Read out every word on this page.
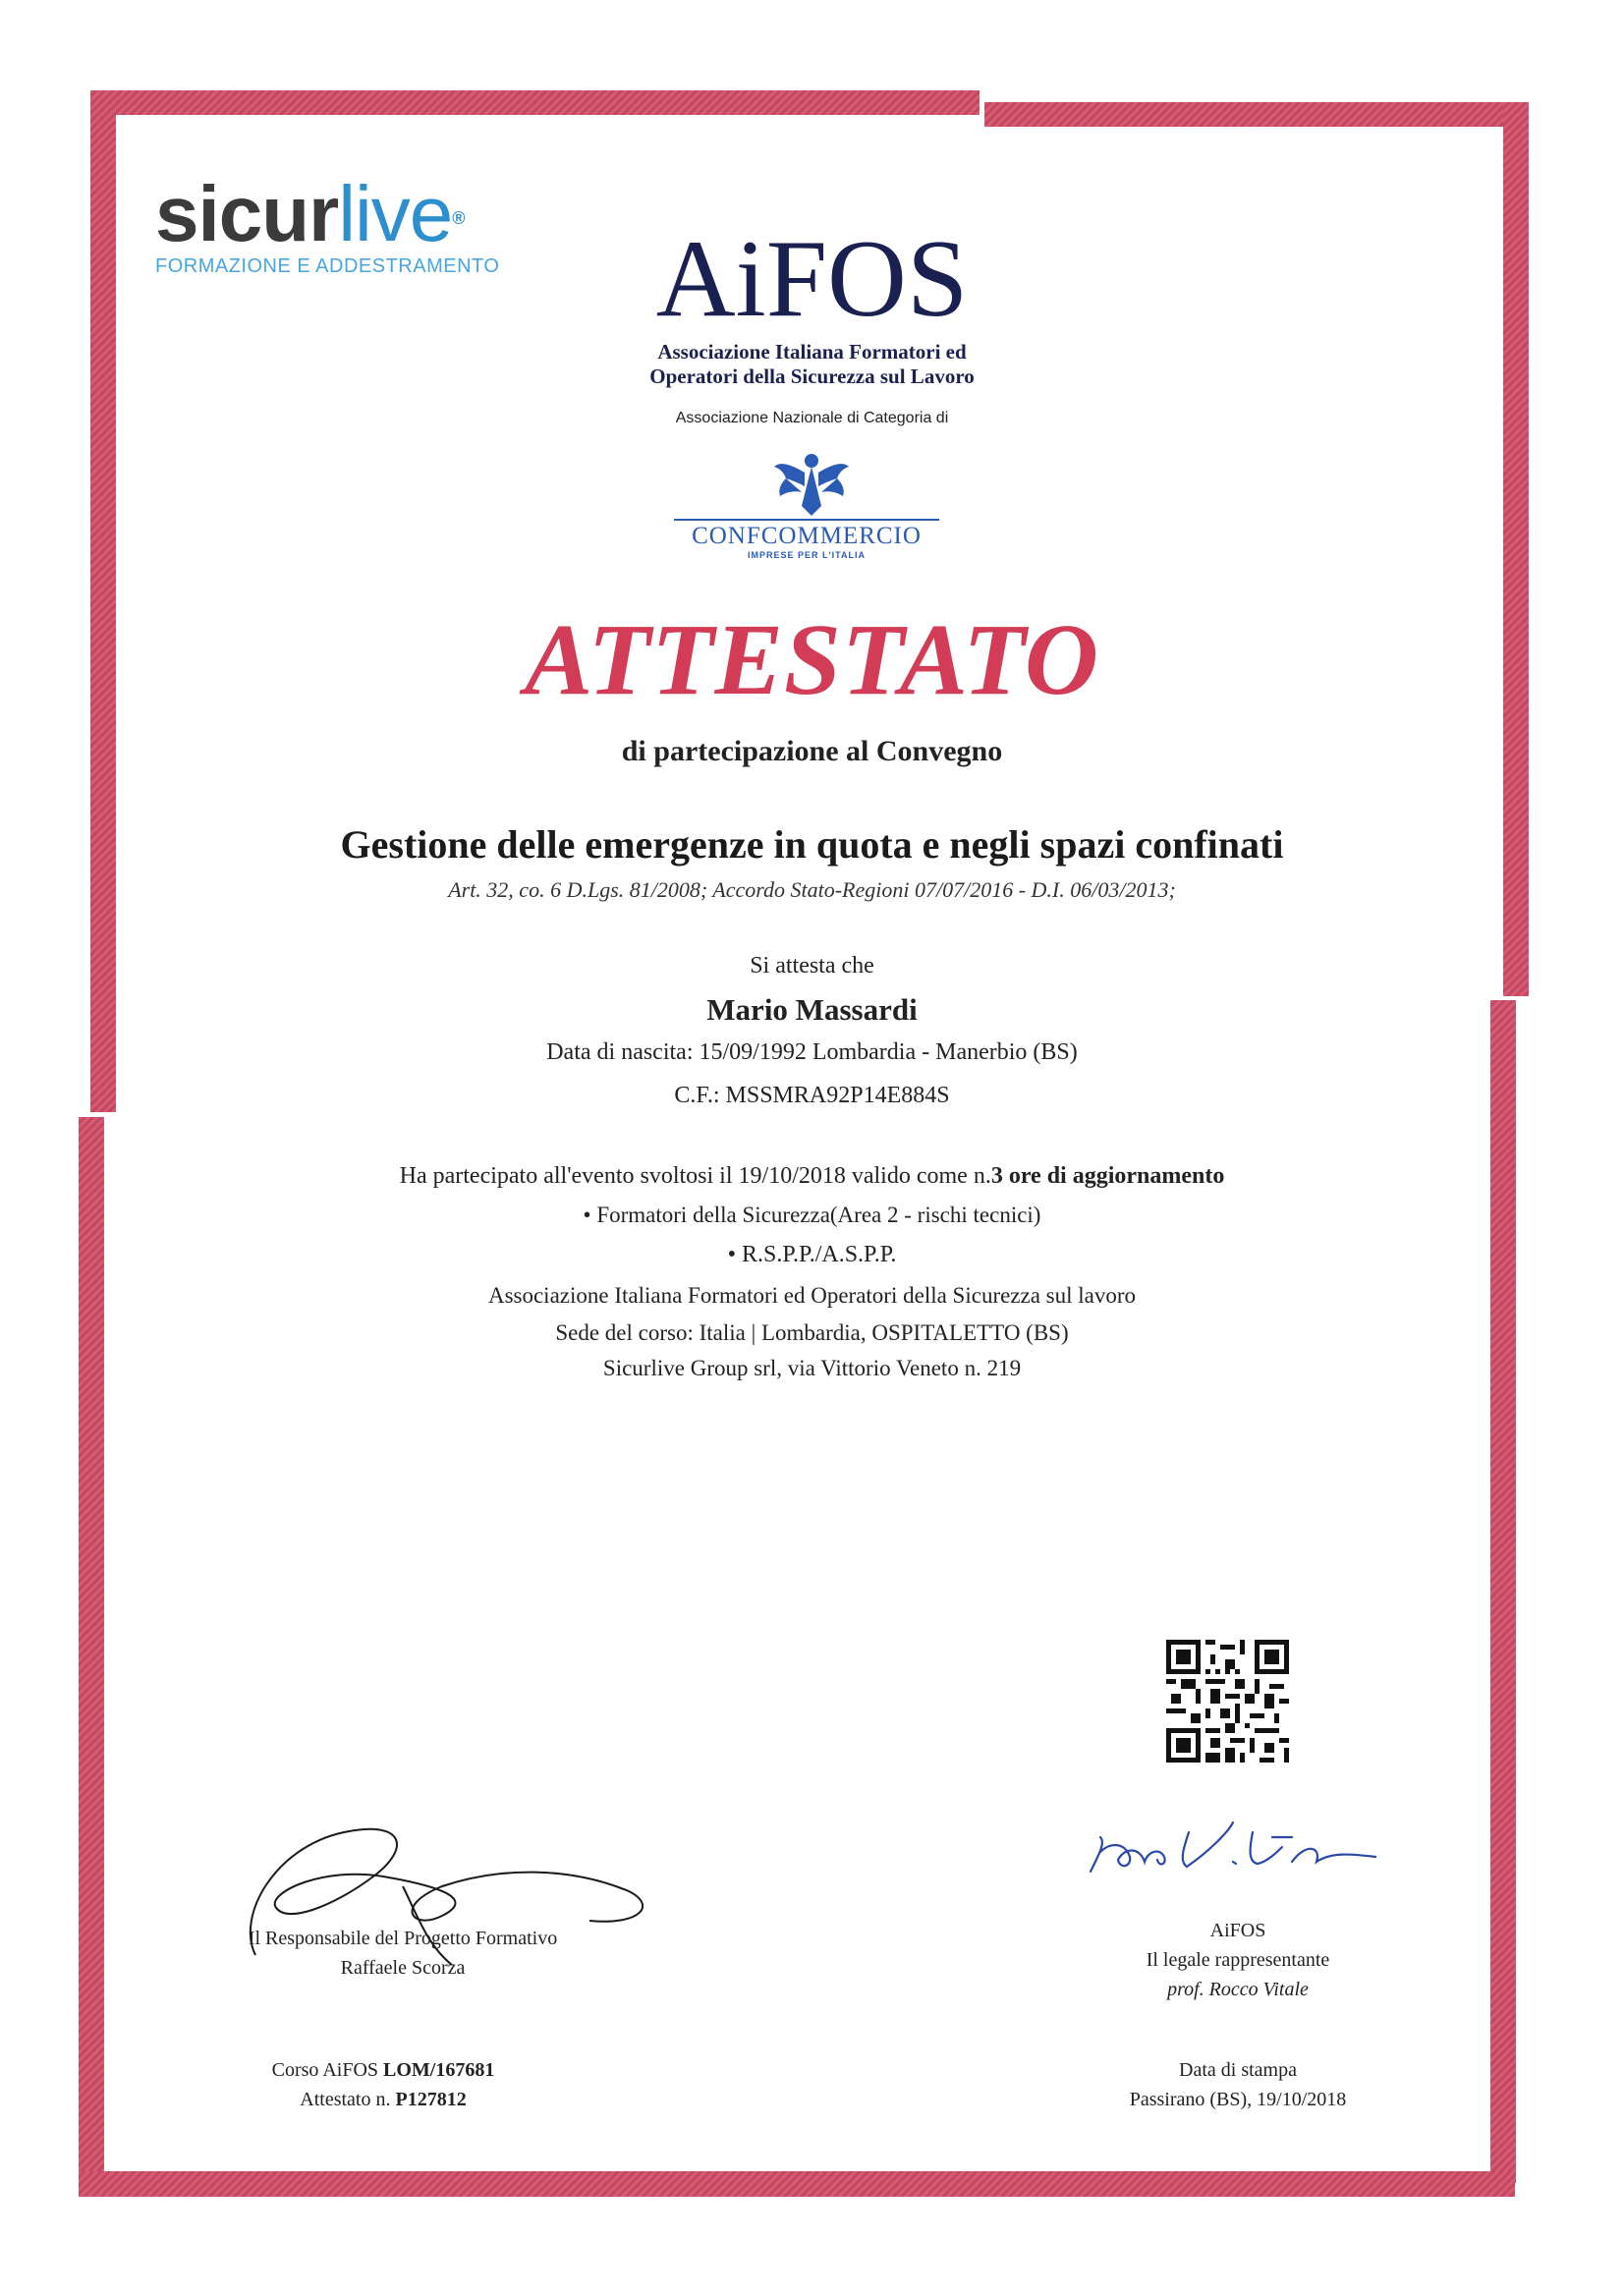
sicurlive®
FORMAZIONE E ADDESTRAMENTO	AiFOS
Associazione Italiana Formatori ed
Operatori della Sicurezza sul Lavoro
Associazione Nazionale di Categoria di
CONFCOMMERCIO
IMPRESE PER L'ITALIA
ATTESTATO
di partecipazione al Convegno
Gestione delle emergenze in quota e negli spazi confinati
Art. 32, co. 6 D.Lgs. 81/2008; Accordo Stato-Regioni 07/07/2016 - D.I. 06/03/2013;
Si attesta che
Mario Massardi
Data di nascita: 15/09/1992 Lombardia - Manerbio (BS)
C.F.: MSSMRA92P14E884S
Ha partecipato all'evento svoltosi il 19/10/2018 valido come n.3 ore di aggiornamento
• Formatori della Sicurezza(Area 2 - rischi tecnici)
• R.S.P.P./A.S.P.P.
Associazione Italiana Formatori ed Operatori della Sicurezza sul lavoro
Sede del corso: Italia | Lombardia, OSPITALETTO (BS)
Sicurlive Group srl, via Vittorio Veneto n. 219
Il Responsabile del Progetto Formativo
Raffaele Scorza
AiFOS
Il legale rappresentante
prof. Rocco Vitale
Corso AiFOS LOM/167681
Attestato n. P127812
Data di stampa
Passirano (BS), 19/10/2018
